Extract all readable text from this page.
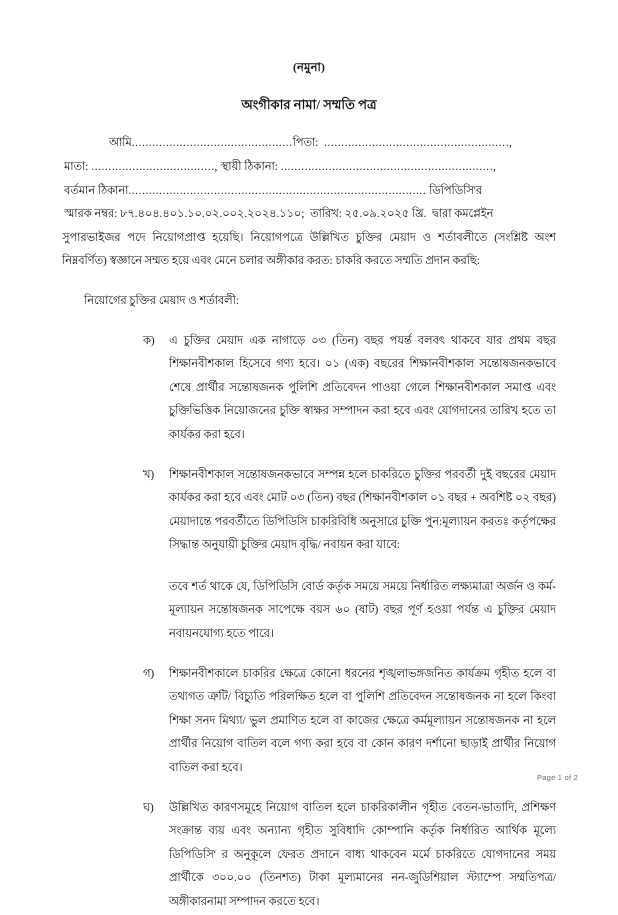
(নমুনা)
অংগীকার নামা/ সম্মতি পত্র
আমি...............................................পিতা: ......................................................,
মাতা: ...................................., স্থায়ী ঠিকানা: ..............................................................,
বর্তমান ঠিকানা....................................................................................... ডিপিডিসি'র
স্মারক নম্বর: ৮৭.৪০৪.৪০১.১০.০২.০০২.২০২৪.১১০; তারিখ: ২৫.০৯.২০২৫ খ্রি. দ্বারা কমপ্লেইন

সুপারভাইজর পদে নিয়োগপ্রাপ্ত হয়েছি। নিয়োগপত্রে উল্লিখিত চুক্তির মেয়াদ ও শর্তাবলীতে (সংশ্লিষ্ট অংশ নিম্নবর্ণিত) স্বজ্ঞানে সম্মত হয়ে এবং মেনে চলার অঙ্গীকার করত: চাকরি করতে সম্মতি প্রদান করছি:

নিয়োগের চুক্তির মেয়াদ ও শর্তাবলী:
ক)	এ চুক্তির মেয়াদ এক নাগাড়ে ০৩ (তিন) বছর পযর্ন্ত বলবৎ থাকবে যার প্রথম বছর শিক্ষানবীশকাল হিসেবে গণ্য হবে। ০১ (এক) বছরের শিক্ষানবীশকাল সন্তোষজনকভাবে শেষে প্রার্থীর সন্তোষজনক পুলিশি প্রতিবেদন পাওয়া গেলে শিক্ষানবীশকাল সমাপ্ত এবং চুক্তিভিত্তিক নিয়োজনের চুক্তি স্বাক্ষর সম্পাদন করা হবে এবং যোগদানের তারিখ হতে তা কার্যকর করা হবে।

খ)	শিক্ষানবীশকাল সন্তোষজনকভাবে সম্পন্ন হলে চাকরিতে চুক্তির পরবর্তী দুই বছরের মেয়াদ কার্যকর করা হবে এবং মোট ০৩ (তিন) বছর (শিক্ষানবীশকাল ০১ বছর + অবশিষ্ট ০২ বছর) মেয়াদান্তে পরবর্তীতে ডিপিডিসি চাকরিবিধি অনুসারে চুক্তি পুন:মূল্যায়ন করতঃ কর্তৃপক্ষের সিদ্ধান্ত অনুযায়ী চুক্তির মেয়াদ বৃদ্ধি/ নবায়ন করা যাবে:

তবে শর্ত থাকে যে, ডিপিডিসি বোর্ড কর্তৃক সময়ে সময়ে নির্ধারিত লক্ষ্যমাত্রা অর্জন ও কর্ম-মূল্যায়ন সন্তোষজনক সাপেক্ষে বয়স ৬০ (ষাট) বছর পূর্ণ হওয়া পর্যন্ত এ চুক্তির মেয়াদ নবায়নযোগ্য হতে পারে।

গ)	শিক্ষানবীশকালে চাকরির ক্ষেত্রে কোনো ধরনের শৃঙ্খলাভঙ্গজনিত কার্যক্রম গৃহীত হলে বা তথ্যগত ত্রুটি/ বিচ্যুতি পরিলক্ষিত হলে বা পুলিশি প্রতিবেদন সন্তোষজনক না হলে কিংবা শিক্ষা সনদ মিথ্যা/ ভুল প্রমাণিত হলে বা কাজের ক্ষেত্রে কর্মমূল্যায়ন সন্তোষজনক না হলে প্রার্থীর নিয়োগ বাতিল বলে গণ্য করা হবে বা কোন কারণ দর্শানো ছাড়াই প্রার্থীর নিয়োগ বাতিল করা হবে।

ঘ)	উল্লিখিত কারণসমূহে নিয়োগ বাতিল হলে চাকরিকালীন গৃহীত বেতন-ভাতাদি, প্রশিক্ষণ সংক্রান্ত ব্যয় এবং অন্যান্য গৃহীত সুবিধাদি কোম্পানি কর্তৃক নির্ধারিত আর্থিক মূল্যে ডিপিডিসি' র অনুকূলে ফেরত প্রদানে বাধ্য থাকবেন মর্মে চাকরিতে যোগদানের সময় প্রার্থীকে ৩০০.০০ (তিনশত) টাকা মূল্যমানের নন-জুডিশিয়াল স্ট্যাম্পে সম্মতিপত্র/ অঙ্গীকারনামা সম্পাদন করতে হবে।

Page 1 of 2
